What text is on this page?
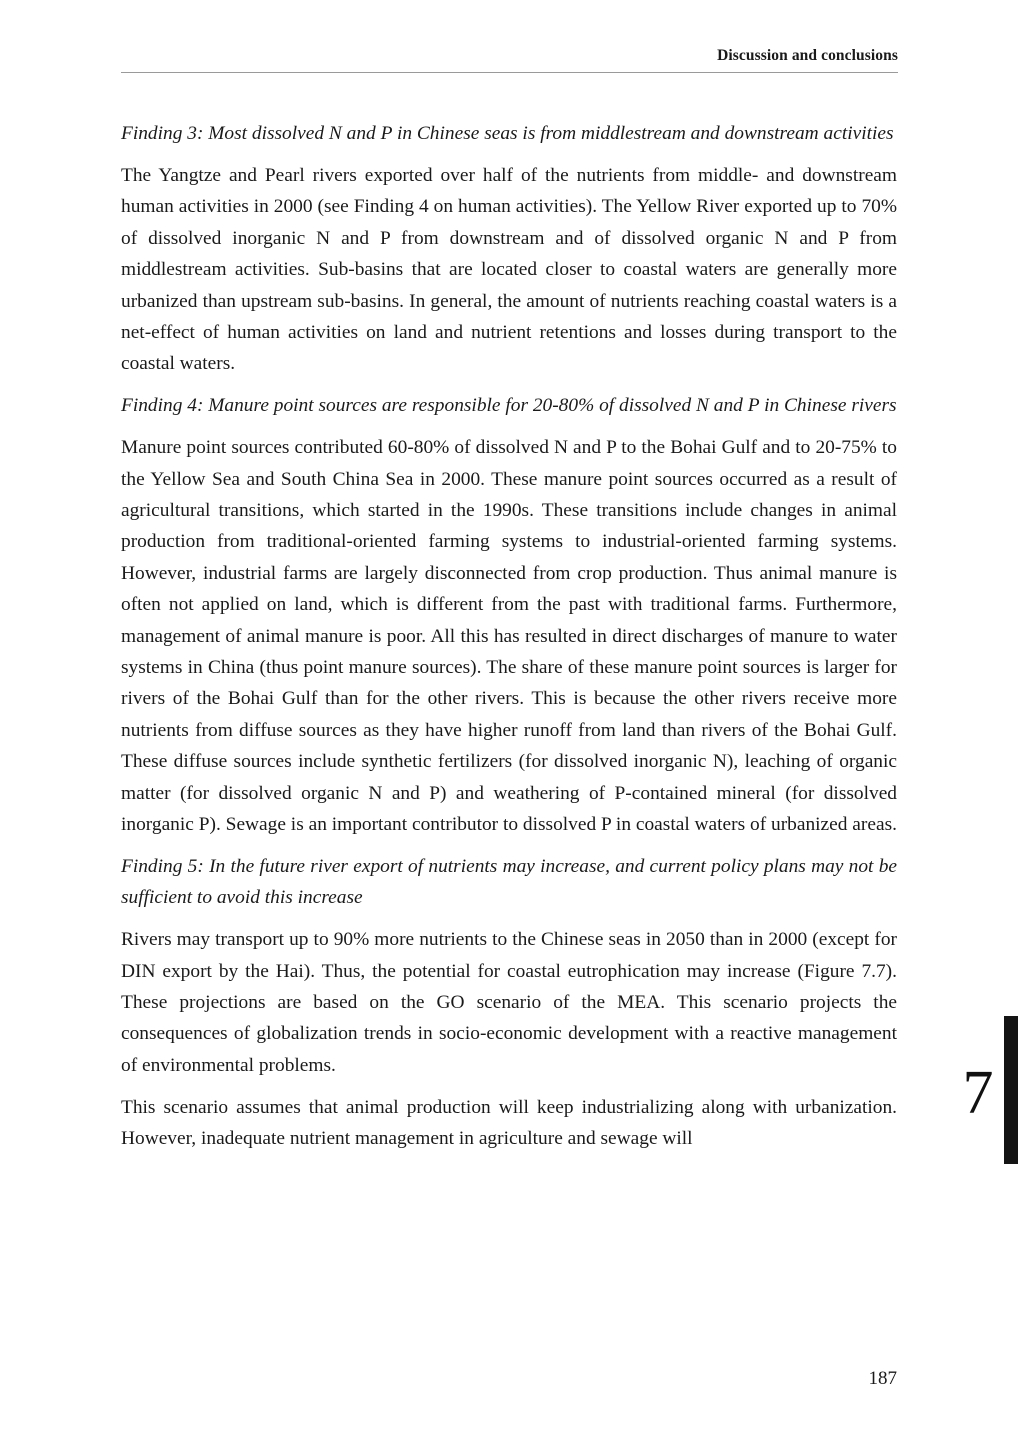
Discussion and conclusions

Finding 3: Most dissolved N and P in Chinese seas is from middlestream and downstream activities

The Yangtze and Pearl rivers exported over half of the nutrients from middle- and downstream human activities in 2000 (see Finding 4 on human activities). The Yellow River exported up to 70% of dissolved inorganic N and P from downstream and of dissolved organic N and P from middlestream activities. Sub-basins that are located closer to coastal waters are generally more urbanized than upstream sub-basins. In general, the amount of nutrients reaching coastal waters is a net-effect of human activities on land and nutrient retentions and losses during transport to the coastal waters.

Finding 4: Manure point sources are responsible for 20-80% of dissolved N and P in Chinese rivers

Manure point sources contributed 60-80% of dissolved N and P to the Bohai Gulf and to 20-75% to the Yellow Sea and South China Sea in 2000. These manure point sources occurred as a result of agricultural transitions, which started in the 1990s. These transitions include changes in animal production from traditional-oriented farming systems to industrial-oriented farming systems. However, industrial farms are largely disconnected from crop production. Thus animal manure is often not applied on land, which is different from the past with traditional farms. Furthermore, management of animal manure is poor. All this has resulted in direct discharges of manure to water systems in China (thus point manure sources). The share of these manure point sources is larger for rivers of the Bohai Gulf than for the other rivers. This is because the other rivers receive more nutrients from diffuse sources as they have higher runoff from land than rivers of the Bohai Gulf. These diffuse sources include synthetic fertilizers (for dissolved inorganic N), leaching of organic matter (for dissolved organic N and P) and weathering of P-contained mineral (for dissolved inorganic P). Sewage is an important contributor to dissolved P in coastal waters of urbanized areas.

Finding 5: In the future river export of nutrients may increase, and current policy plans may not be sufficient to avoid this increase

Rivers may transport up to 90% more nutrients to the Chinese seas in 2050 than in 2000 (except for DIN export by the Hai). Thus, the potential for coastal eutrophication may increase (Figure 7.7). These projections are based on the GO scenario of the MEA. This scenario projects the consequences of globalization trends in socio-economic development with a reactive management of environmental problems.

This scenario assumes that animal production will keep industrializing along with urbanization. However, inadequate nutrient management in agriculture and sewage will

7
187
